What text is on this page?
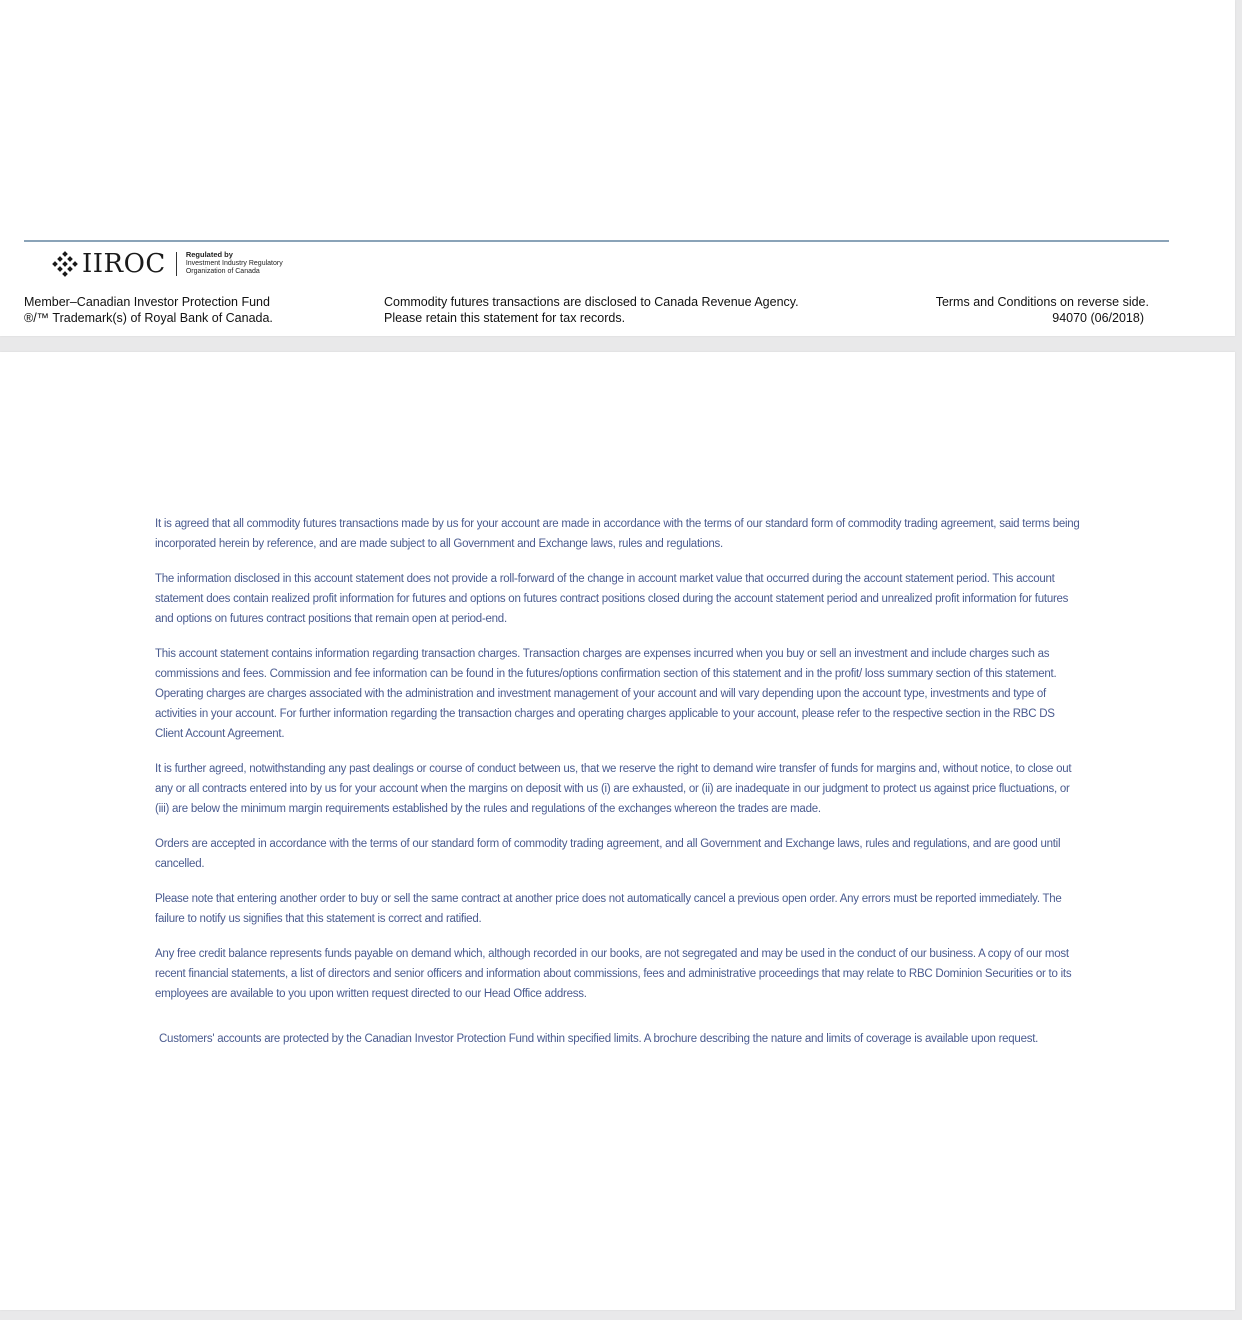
IIROC	Regulated by
Investment Industry Regulatory
Organization of Canada
Member–Canadian Investor Protection Fund
®/™ Trademark(s) of Royal Bank of Canada.
Commodity futures transactions are disclosed to Canada Revenue Agency.
Please retain this statement for tax records.
Terms and Conditions on reverse side.
94070 (06/2018)

It is agreed that all commodity futures transactions made by us for your account are made in accordance with the terms of our standard form of commodity trading agreement, said terms being incorporated herein by reference, and are made subject to all Government and Exchange laws, rules and regulations.

The information disclosed in this account statement does not provide a roll-forward of the change in account market value that occurred during the account statement period. This account statement does contain realized profit information for futures and options on futures contract positions closed during the account statement period and unrealized profit information for futures and options on futures contract positions that remain open at period-end.

This account statement contains information regarding transaction charges. Transaction charges are expenses incurred when you buy or sell an investment and include charges such as commissions and fees. Commission and fee information can be found in the futures/options confirmation section of this statement and in the profit/ loss summary section of this statement. Operating charges are charges associated with the administration and investment management of your account and will vary depending upon the account type, investments and type of activities in your account. For further information regarding the transaction charges and operating charges applicable to your account, please refer to the respective section in the RBC DS Client Account Agreement.

It is further agreed, notwithstanding any past dealings or course of conduct between us, that we reserve the right to demand wire transfer of funds for margins and, without notice, to close out any or all contracts entered into by us for your account when the margins on deposit with us (i) are exhausted, or (ii) are inadequate in our judgment to protect us against price fluctuations, or (iii) are below the minimum margin requirements established by the rules and regulations of the exchanges whereon the trades are made.

Orders are accepted in accordance with the terms of our standard form of commodity trading agreement, and all Government and Exchange laws, rules and regulations, and are good until cancelled.

Please note that entering another order to buy or sell the same contract at another price does not automatically cancel a previous open order. Any errors must be reported immediately. The failure to notify us signifies that this statement is correct and ratified.

Any free credit balance represents funds payable on demand which, although recorded in our books, are not segregated and may be used in the conduct of our business. A copy of our most recent financial statements, a list of directors and senior officers and information about commissions, fees and administrative proceedings that may relate to RBC Dominion Securities or to its employees are available to you upon written request directed to our Head Office address.

Customers' accounts are protected by the Canadian Investor Protection Fund within specified limits. A brochure describing the nature and limits of coverage is available upon request.
